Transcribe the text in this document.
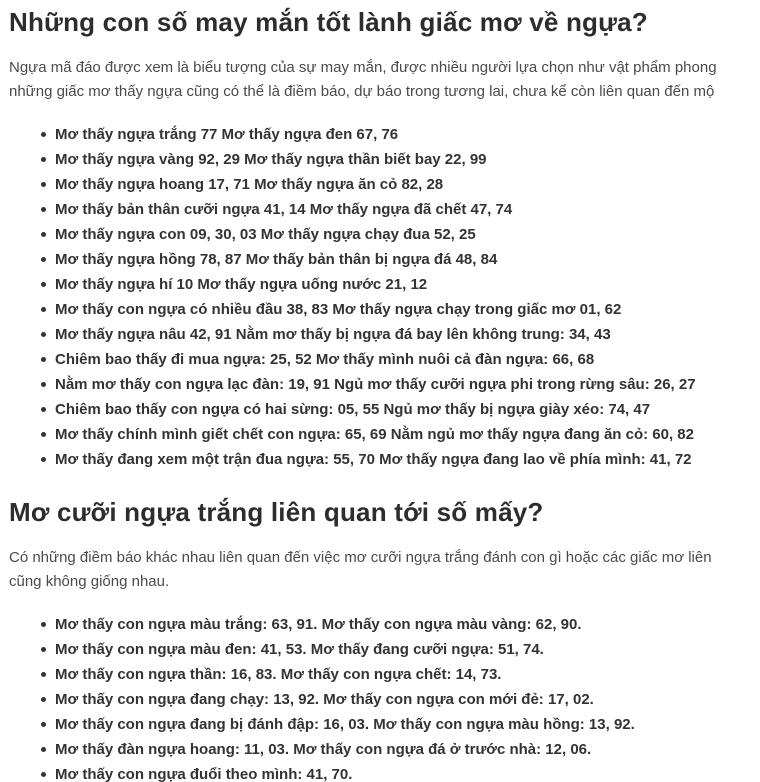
Những con số may mắn tốt lành giấc mơ về ngựa?

Ngựa mã đáo được xem là biểu tượng của sự may mắn, được nhiều người lựa chọn như vật phẩm phong
những giấc mơ thấy ngựa cũng có thể là điềm báo, dự báo trong tương lai, chưa kể còn liên quan đến mộ

Mơ thấy ngựa trắng 77 Mơ thấy ngựa đen 67, 76
Mơ thấy ngựa vàng 92, 29 Mơ thấy ngựa thần biết bay 22, 99
Mơ thấy ngựa hoang 17, 71 Mơ thấy ngựa ăn cỏ 82, 28
Mơ thấy bản thân cưỡi ngựa 41, 14 Mơ thấy ngựa đã chết 47, 74
Mơ thấy ngựa con 09, 30, 03 Mơ thấy ngựa chạy đua 52, 25
Mơ thấy ngựa hồng 78, 87 Mơ thấy bản thân bị ngựa đá 48, 84
Mơ thấy ngựa hí 10 Mơ thấy ngựa uống nước 21, 12
Mơ thấy con ngựa có nhiều đầu 38, 83 Mơ thấy ngựa chạy trong giấc mơ 01, 62
Mơ thấy ngựa nâu 42, 91 Nằm mơ thấy bị ngựa đá bay lên không trung: 34, 43
Chiêm bao thấy đi mua ngựa: 25, 52 Mơ thấy mình nuôi cả đàn ngựa: 66, 68
Nằm mơ thấy con ngựa lạc đàn: 19, 91 Ngủ mơ thấy cưỡi ngựa phi trong rừng sâu: 26, 27
Chiêm bao thấy con ngựa có hai sừng: 05, 55 Ngủ mơ thấy bị ngựa giày xéo: 74, 47
Mơ thấy chính mình giết chết con ngựa: 65, 69 Nằm ngủ mơ thấy ngựa đang ăn cỏ: 60, 82
Mơ thấy đang xem một trận đua ngựa: 55, 70 Mơ thấy ngựa đang lao về phía mình: 41, 72
Mơ cưỡi ngựa trắng liên quan tới số mấy?

Có những điềm báo khác nhau liên quan đến việc mơ cưỡi ngựa trắng đánh con gì hoặc các giấc mơ liên
cũng không giống nhau.

Mơ thấy con ngựa màu trắng: 63, 91. Mơ thấy con ngựa màu vàng: 62, 90.
Mơ thấy con ngựa màu đen: 41, 53. Mơ thấy đang cưỡi ngựa: 51, 74.
Mơ thấy con ngựa thần: 16, 83. Mơ thấy con ngựa chết: 14, 73.
Mơ thấy con ngựa đang chạy: 13, 92. Mơ thấy con ngựa con mới đẻ: 17, 02.
Mơ thấy con ngựa đang bị đánh đập: 16, 03. Mơ thấy con ngựa màu hồng: 13, 92.
Mơ thấy đàn ngựa hoang: 11, 03. Mơ thấy con ngựa đá ở trước nhà: 12, 06.
Mơ thấy con ngựa đuổi theo mình: 41, 70.
